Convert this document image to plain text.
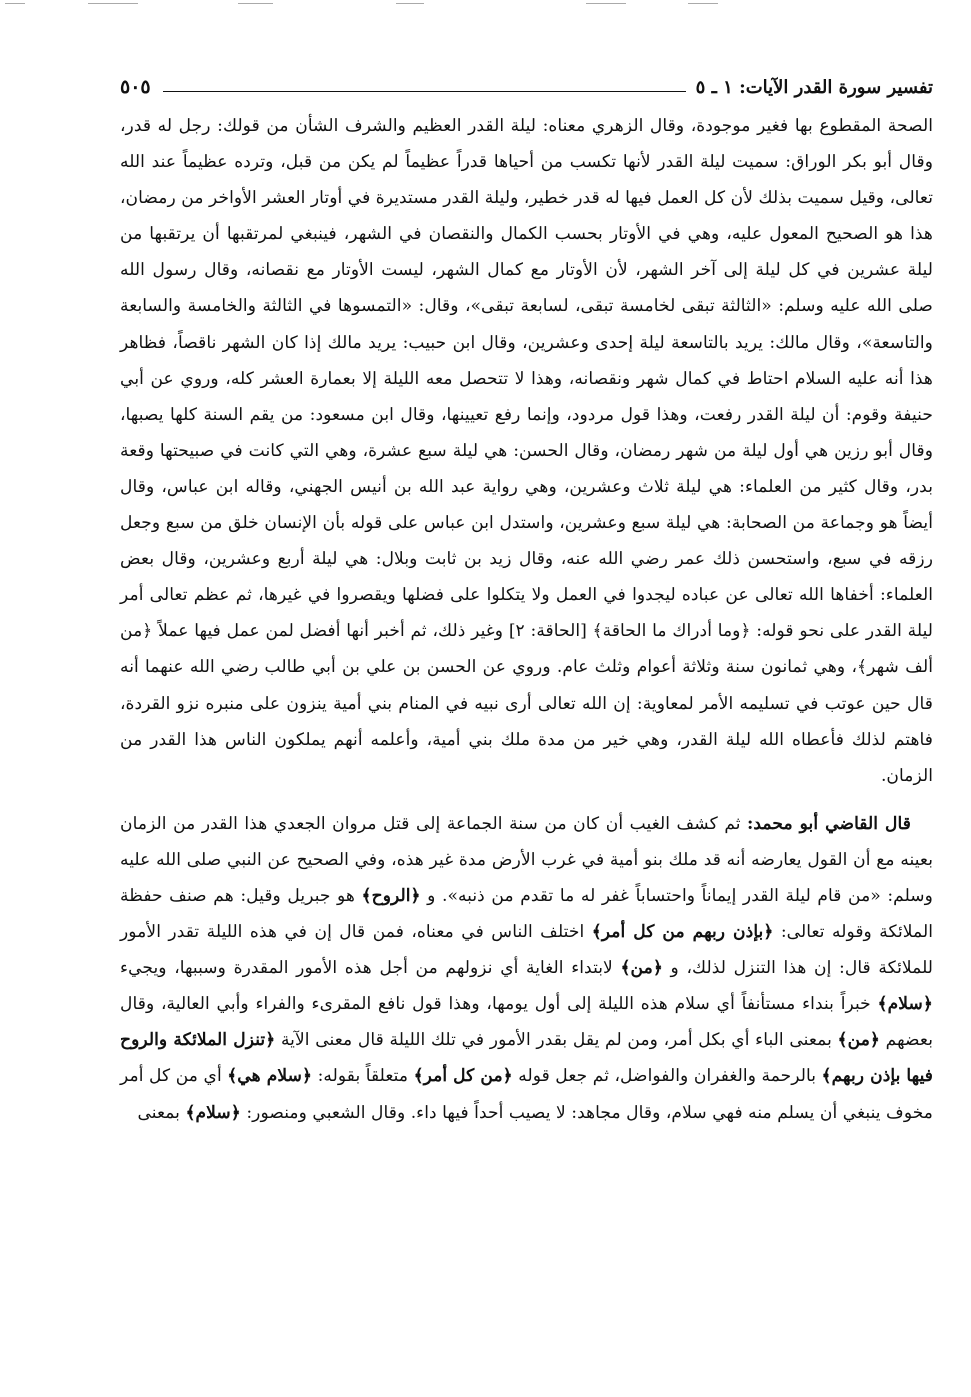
تفسير سورة القدر الآيات: ١ ـ ٥
٥٠٥

الصحة المقطوع بها فغير موجودة، وقال الزهري معناه: ليلة القدر العظيم والشرف الشأن من قولك: رجل له قدر، وقال أبو بكر الوراق: سميت ليلة القدر لأنها تكسب من أحياها قدراً عظيماً لم يكن من قبل، وترده عظيماً عند الله تعالى، وقيل سميت بذلك لأن كل العمل فيها له قدر خطير، وليلة القدر مستديرة في أوتار العشر الأواخر من رمضان، هذا هو الصحيح المعول عليه، وهي في الأوتار بحسب الكمال والنقصان في الشهر، فينبغي لمرتقبها أن يرتقبها من ليلة عشرين في كل ليلة إلى آخر الشهر، لأن الأوتار مع كمال الشهر، ليست الأوتار مع نقصانه، وقال رسول الله صلى الله عليه وسلم: «الثالثة تبقى لخامسة تبقى، لسابعة تبقى»، وقال: «التمسوها في الثالثة والخامسة والسابعة والتاسعة»، وقال مالك: يريد بالتاسعة ليلة إحدى وعشرين، وقال ابن حبيب: يريد مالك إذا كان الشهر ناقصاً، فظاهر هذا أنه عليه السلام احتاط في كمال شهر ونقصانه، وهذا لا تتحصل معه الليلة إلا بعمارة العشر كله، وروي عن أبي حنيفة وقوم: أن ليلة القدر رفعت، وهذا قول مردود، وإنما رفع تعيينها، وقال ابن مسعود: من يقم السنة كلها يصبها، وقال أبو رزين هي أول ليلة من شهر رمضان، وقال الحسن: هي ليلة سبع عشرة، وهي التي كانت في صبيحتها وقعة بدر، وقال كثير من العلماء: هي ليلة ثلاث وعشرين، وهي رواية عبد الله بن أنيس الجهني، وقاله ابن عباس، وقال أيضاً هو وجماعة من الصحابة: هي ليلة سبع وعشرين، واستدل ابن عباس على قوله بأن الإنسان خلق من سبع وجعل رزقه في سبع، واستحسن ذلك عمر رضي الله عنه، وقال زيد بن ثابت وبلال: هي ليلة أربع وعشرين، وقال بعض العلماء: أخفاها الله تعالى عن عباده ليجدوا في العمل ولا يتكلوا على فضلها ويقصروا في غيرها، ثم عظم تعالى أمر ليلة القدر على نحو قوله: ﴿وما أدراك ما الحاقة﴾ [الحاقة: ٢] وغير ذلك، ثم أخبر أنها أفضل لمن عمل فيها عملاً ﴿من ألف شهر﴾، وهي ثمانون سنة وثلاثة أعوام وثلث عام. وروي عن الحسن بن علي بن أبي طالب رضي الله عنهما أنه قال حين عوتب في تسليمه الأمر لمعاوية: إن الله تعالى أرى نبيه في المنام بني أمية ينزون على منبره نزو القردة، فاهتم لذلك فأعطاه الله ليلة القدر، وهي خير من مدة ملك بني أمية، وأعلمه أنهم يملكون الناس هذا القدر من الزمان.

قال القاضي أبو محمد: ثم كشف الغيب أن كان من سنة الجماعة إلى قتل مروان الجعدي هذا القدر من الزمان بعينه مع أن القول يعارضه أنه قد ملك بنو أمية في غرب الأرض مدة غير هذه، وفي الصحيح عن النبي صلى الله عليه وسلم: «من قام ليلة القدر إيماناً واحتساباً غفر له ما تقدم من ذنبه». و ﴿الروح﴾ هو جبريل وقيل: هم صنف حفظة الملائكة وقوله تعالى: ﴿بإذن ربهم من كل أمر﴾ اختلف الناس في معناه، فمن قال إن في هذه الليلة تقدر الأمور للملائكة قال: إن هذا التنزل لذلك، و ﴿من﴾ لابتداء الغاية أي نزولهم من أجل هذه الأمور المقدرة وسببها، ويجيء ﴿سلام﴾ خبراً بنداء مستأنفاً أي سلام هذه الليلة إلى أول يومها، وهذا قول نافع المقرىء والفراء وأبي العالية، وقال بعضهم ﴿من﴾ بمعنى الباء أي بكل أمر، ومن لم يقل بقدر الأمور في تلك الليلة قال معنى الآية ﴿تنزل الملائكة والروح فيها بإذن ربهم﴾ بالرحمة والغفران والفواضل، ثم جعل قوله ﴿من كل أمر﴾ متعلقاً بقوله: ﴿سلام هي﴾ أي من كل أمر مخوف ينبغي أن يسلم منه فهي سلام، وقال مجاهد: لا يصيب أحداً فيها داء. وقال الشعبي ومنصور: ﴿سلام﴾ بمعنى
